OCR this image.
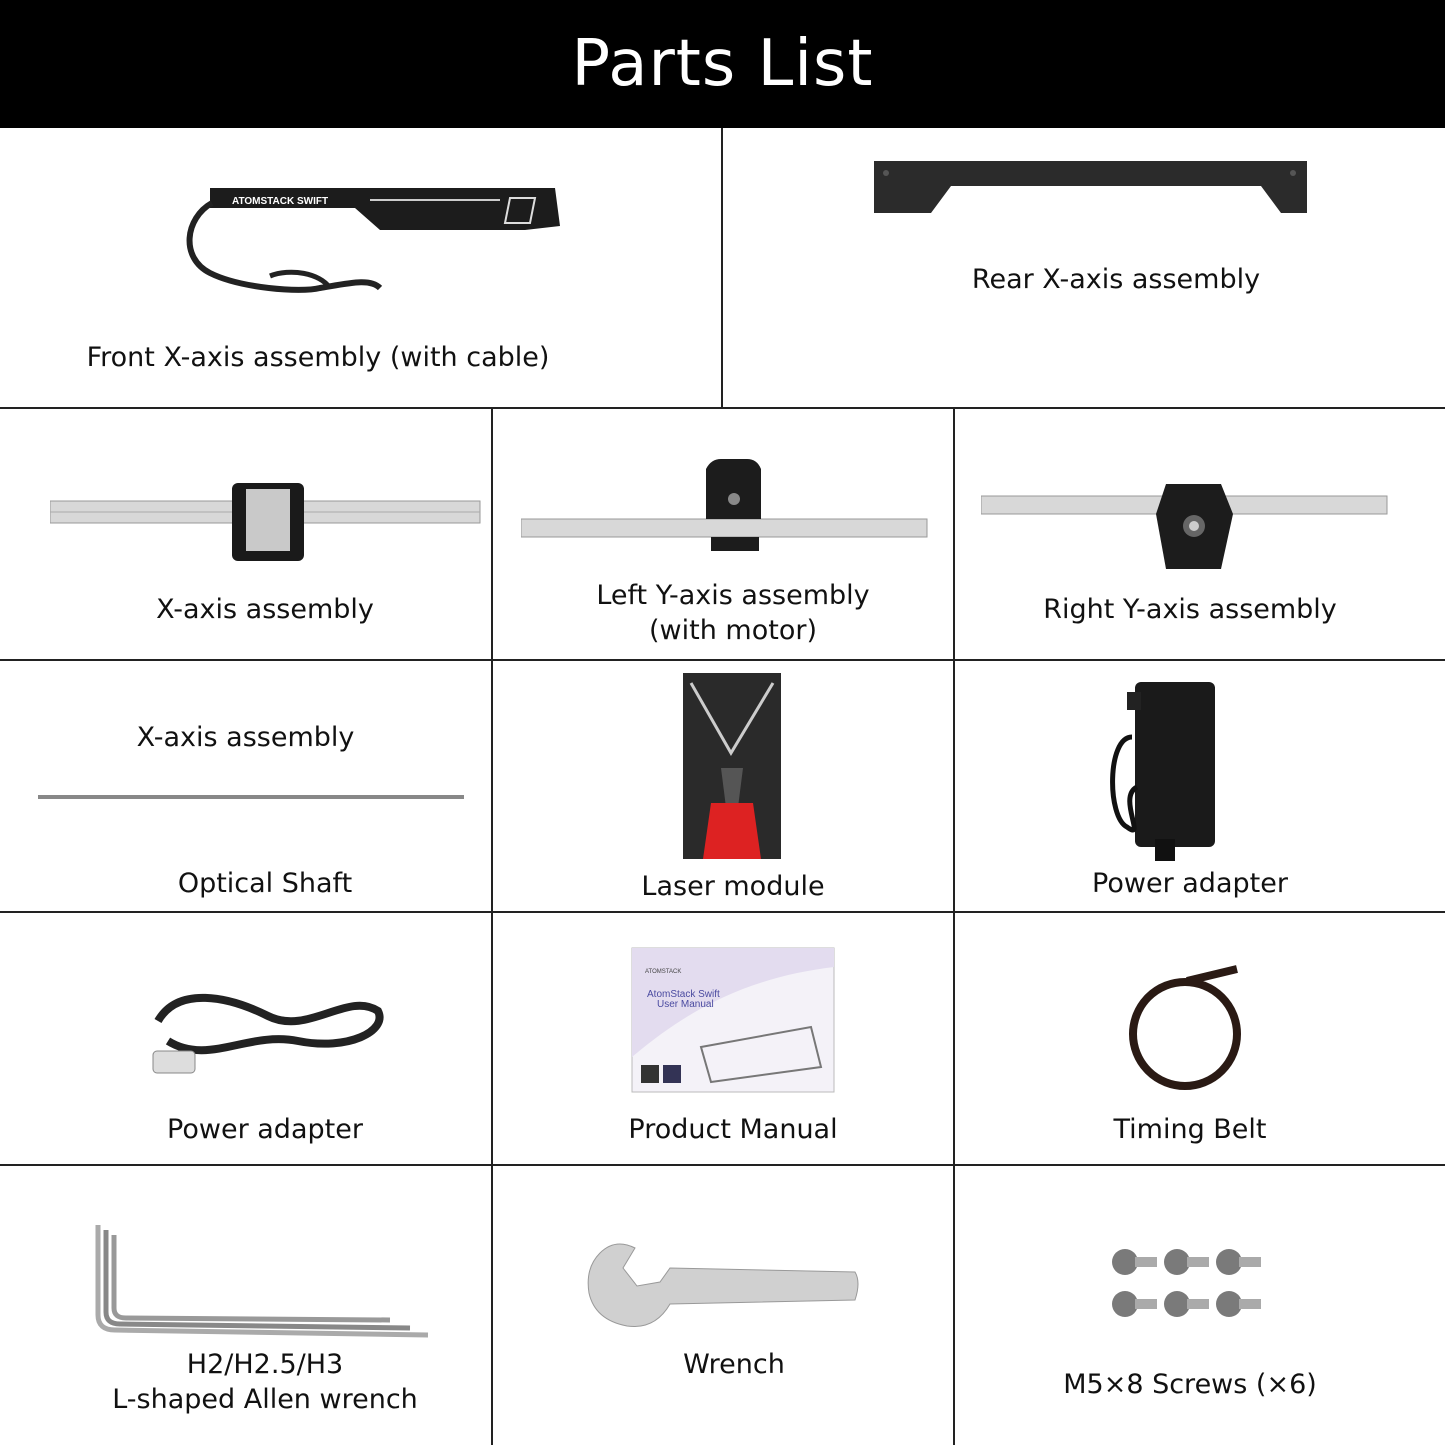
Parts List
ATOMSTACK SWIFT
Front X-axis assembly (with cable)
Rear X-axis assembly
X-axis assembly
ATOMSTACK
AtomStack Swift
User Manual
X-axis assembly	Left Y-axis assembly
(with motor)
Right Y-axis assembly
Optical Shaft	Laser module	Power adapter
Power adapter	Product Manual	Timing Belt
H2/H2.5/H3
L-shaped Allen wrench
Wrench
M5×8 Screws (×6)
